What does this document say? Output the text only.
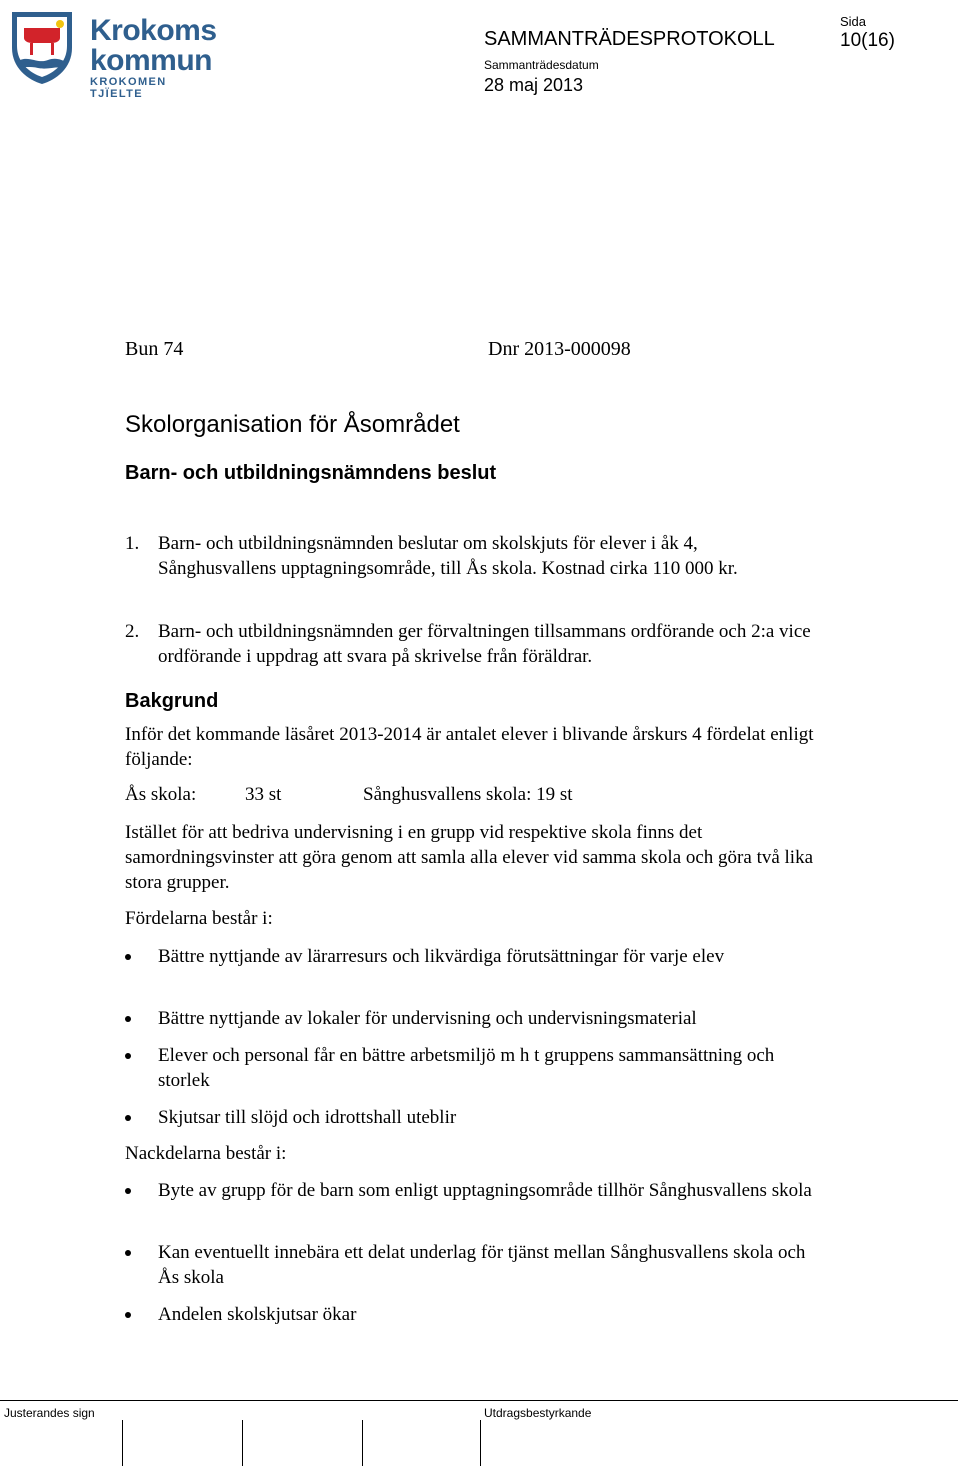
Krokoms
kommun
KROKOMEN TJÏELTE
SAMMANTRÄDESPROTOKOLL
Sida
10(16)
Sammanträdesdatum
28 maj 2013
Bun 74	Dnr 2013-000098
Skolorganisation för Åsområdet
Barn- och utbildningsnämndens beslut
1. Barn- och utbildningsnämnden beslutar om skolskjuts för elever i åk 4, Sånghusvallens upptagningsområde, till Ås skola. Kostnad cirka 110 000 kr.
2. Barn- och utbildningsnämnden ger förvaltningen tillsammans ordförande och 2:a vice ordförande i uppdrag att svara på skrivelse från föräldrar.
Bakgrund
Inför det kommande läsåret 2013-2014 är antalet elever i blivande årskurs 4 fördelat enligt följande:
Ås skola:	33 st	Sånghusvallens skola: 19 st
Istället för att bedriva undervisning i en grupp vid respektive skola finns det samordningsvinster att göra genom att samla alla elever vid samma skola och göra två lika stora grupper.
Fördelarna består i:
Bättre nyttjande av lärarresurs och likvärdiga förutsättningar för varje elev
Bättre nyttjande av lokaler för undervisning och undervisningsmaterial
Elever och personal får en bättre arbetsmiljö m h t gruppens sammansättning och storlek
Skjutsar till slöjd och idrottshall uteblir
Nackdelarna består i:
Byte av grupp för de barn som enligt upptagningsområde tillhör Sånghusvallens skola
Kan eventuellt innebära ett delat underlag för tjänst mellan Sånghusvallens skola och Ås skola
Andelen skolskjutsar ökar
Justerandes sign	Utdragsbestyrkande
